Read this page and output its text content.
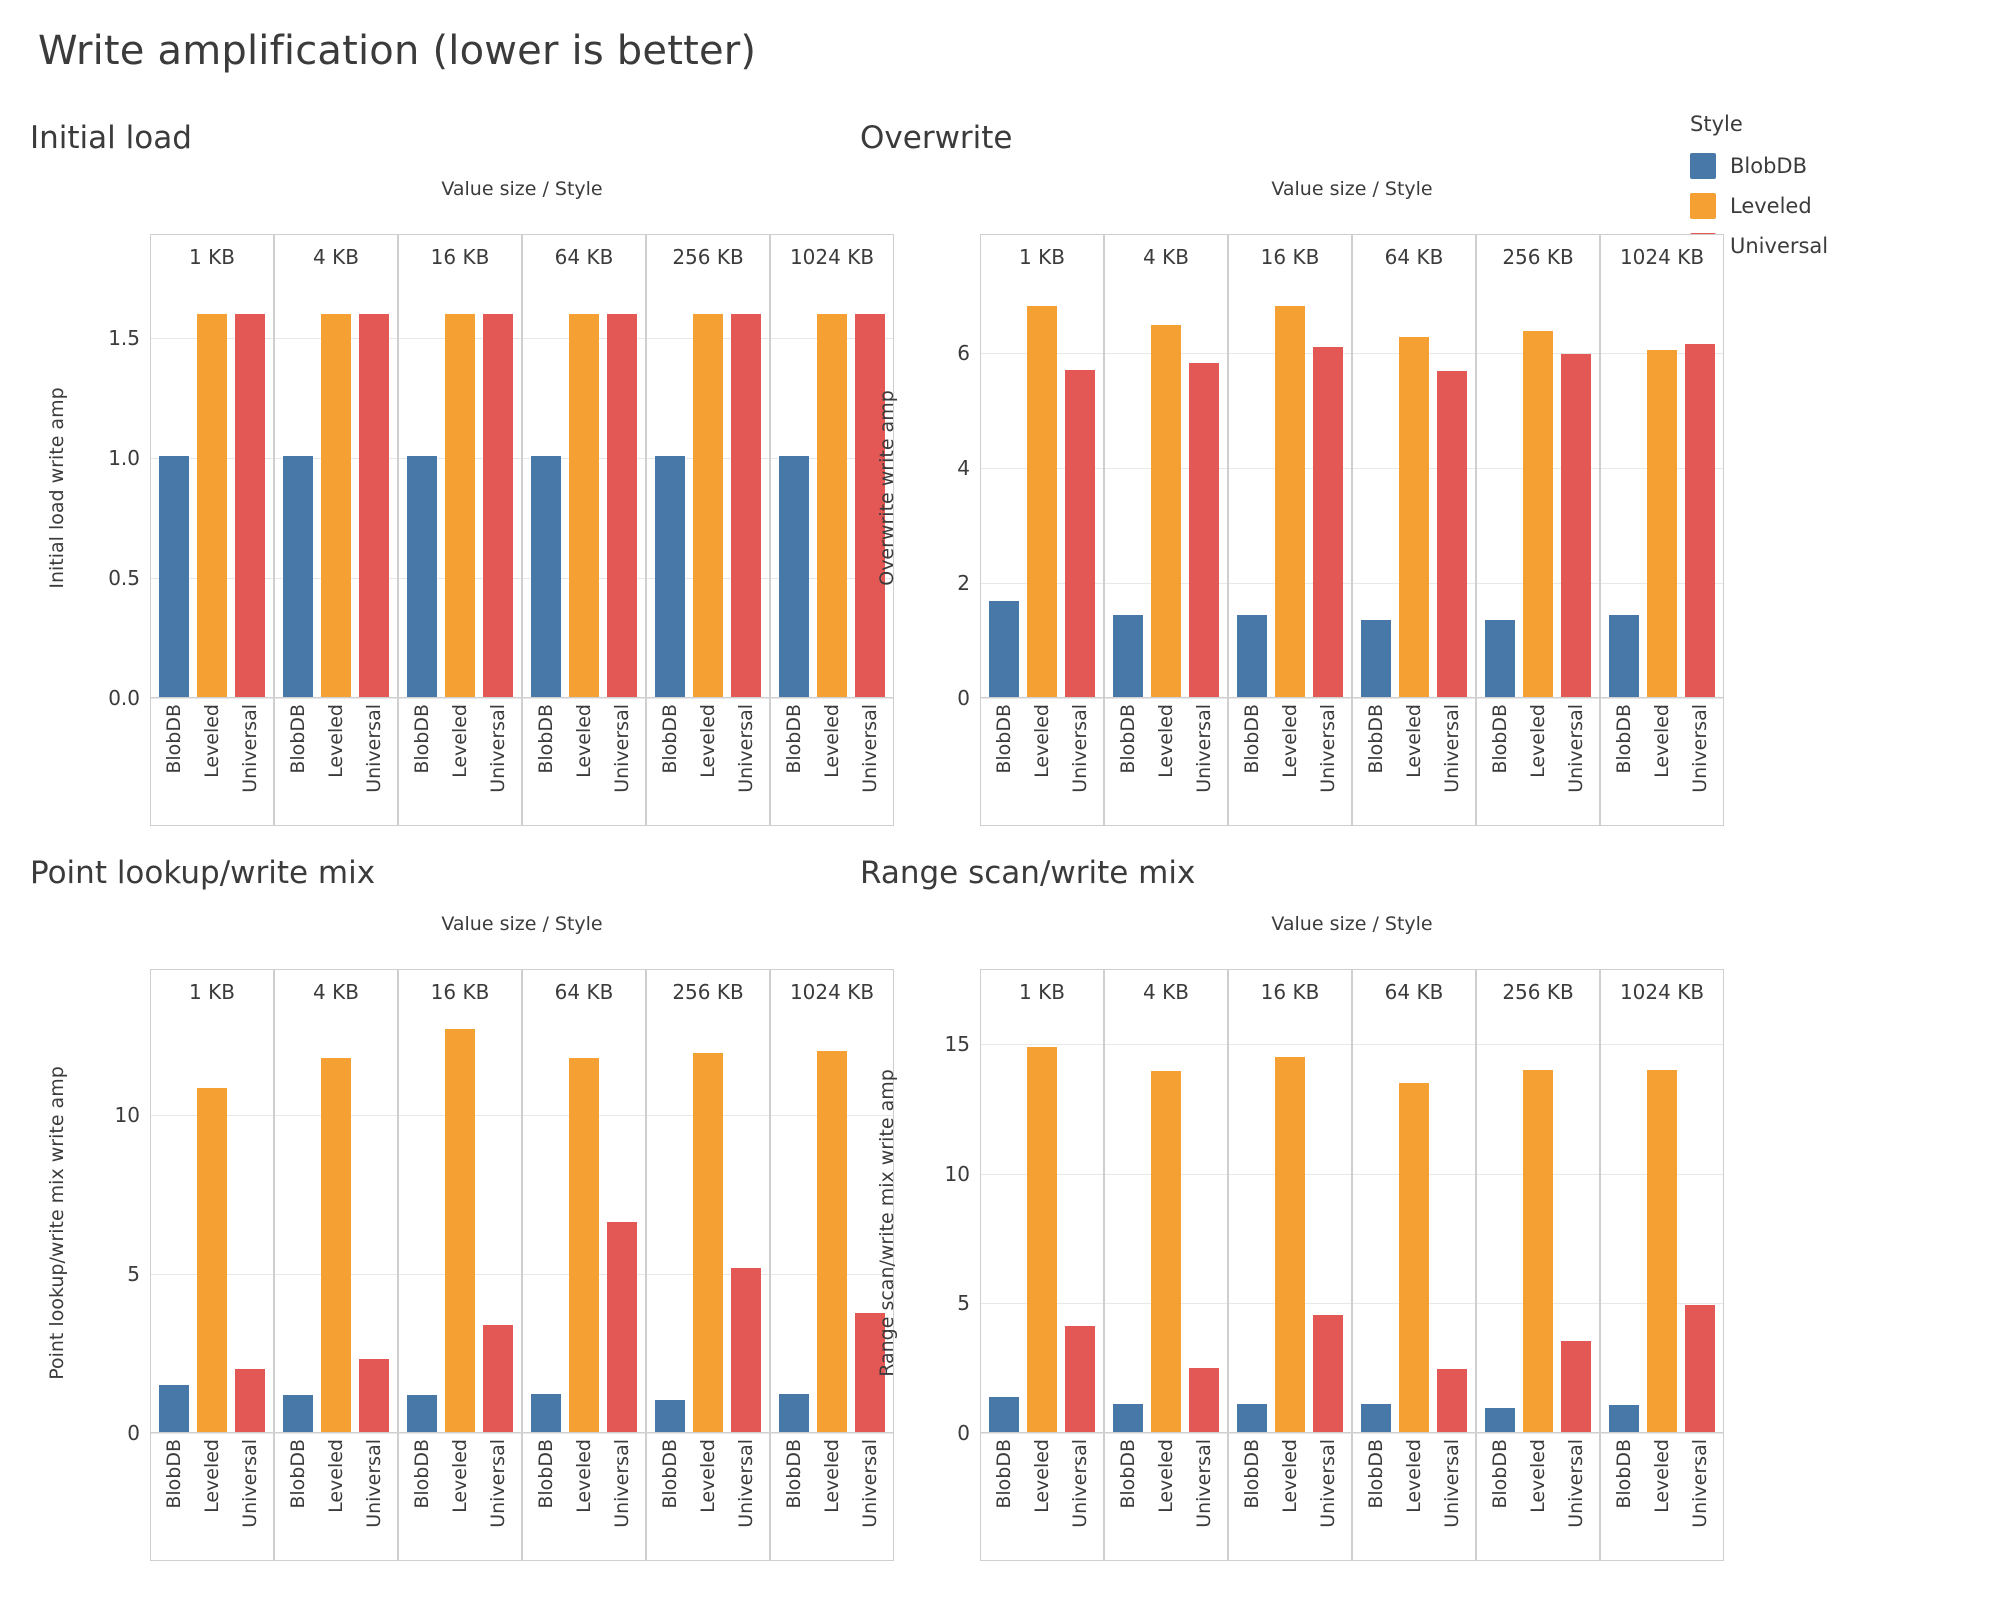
Write amplification (lower is better)
Style
BlobDB
Leveled
Universal
Initial load
Value size / Style
Initial load write amp
0.0
0.5
1.0
1.5
1 KB
BlobDB Leveled Universal
4 KB
BlobDB Leveled Universal
16 KB
BlobDB Leveled Universal
64 KB
BlobDB Leveled Universal
256 KB
BlobDB Leveled Universal
1024 KB
BlobDB Leveled Universal
Overwrite
Value size / Style
Overwrite write amp
0
2
4
6
1 KB
BlobDB Leveled Universal
4 KB
BlobDB Leveled Universal
16 KB
BlobDB Leveled Universal
64 KB
BlobDB Leveled Universal
256 KB
BlobDB Leveled Universal
1024 KB
BlobDB Leveled Universal
Point lookup/write mix
Value size / Style
Point lookup/write mix write amp
0
5
10
1 KB
BlobDB Leveled Universal
4 KB
BlobDB Leveled Universal
16 KB
BlobDB Leveled Universal
64 KB
BlobDB Leveled Universal
256 KB
BlobDB Leveled Universal
1024 KB
BlobDB Leveled Universal
Range scan/write mix
Value size / Style
Range scan/write mix write amp
0
5
10
15
1 KB
BlobDB Leveled Universal
4 KB
BlobDB Leveled Universal
16 KB
BlobDB Leveled Universal
64 KB
BlobDB Leveled Universal
256 KB
BlobDB Leveled Universal
1024 KB
BlobDB Leveled Universal
